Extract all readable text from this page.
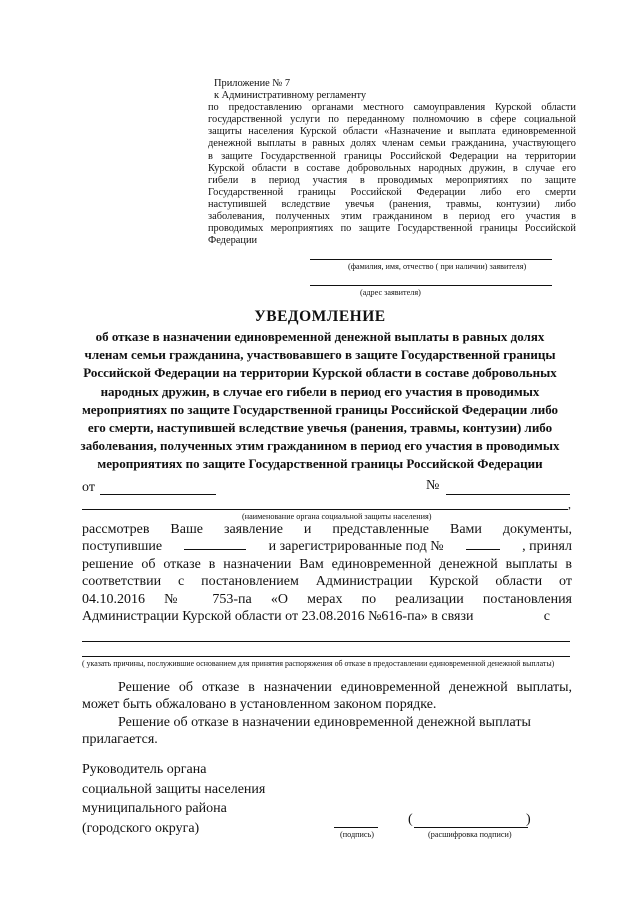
Приложение № 7
к Административному регламенту
по предоставлению органами местного самоуправления Курской области
государственной услуги по переданному полномочию в сфере социальной
защиты населения Курской области «Назначение и выплата единовременной
денежной выплаты в равных долях членам семьи гражданина, участвующего
в защите Государственной границы Российской Федерации на территории
Курской области в составе добровольных народных дружин, в случае его
гибели в период участия в проводимых мероприятиях по защите
Государственной границы Российской Федерации либо его смерти
наступившей вследствие увечья (ранения, травмы, контузии) либо
заболевания, полученных этим гражданином в период его участия в
проводимых мероприятиях по защите Государственной границы Российской
Федерации
(фамилия, имя, отчество ( при наличии) заявителя)
(адрес заявителя)
УВЕДОМЛЕНИЕ
об отказе в назначении единовременной денежной выплаты в равных долях
членам семьи гражданина, участвовавшего в защите Государственной границы
Российской Федерации на территории Курской области в составе добровольных
народных дружин, в случае его гибели в период его участия в проводимых
мероприятиях по защите Государственной границы Российской Федерации либо
его смерти, наступившей вследствие увечья (ранения, травмы, контузии) либо
заболевания, полученных этим гражданином в период его участия в проводимых
мероприятиях по защите Государственной границы Российской Федерации
от	№
,
(наименование органа социальной защиты населения)
рассмотрев Ваше заявление и представленные Вами документы,
поступившие	и зарегистрированные под №	, принял
решение об отказе в назначении Вам единовременной денежной выплаты в
соответствии с постановлением Администрации Курской области от
04.10.2016 № 753-па «О мерах по реализации постановления
Администрации Курской области от 23.08.2016 №616-па» в связи	с
( указать причины, послужившие основанием для принятия распоряжения об отказе в предоставлении единовременной денежной выплаты)
Решение об отказе в назначении единовременной денежной выплаты,
может быть обжаловано в установленном законом порядке.
Решение об отказе в назначении единовременной денежной выплаты
прилагается.
Руководитель органа
социальной защиты населения
муниципального района
(городского округа)	(подпись)
(	)
(расшифровка подписи)
